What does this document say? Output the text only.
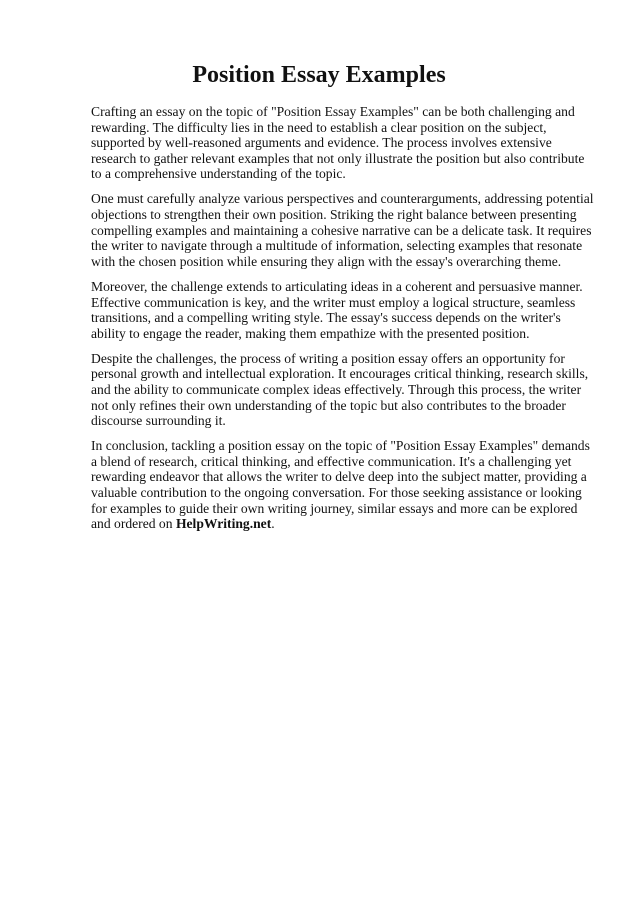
Position Essay Examples

Crafting an essay on the topic of "Position Essay Examples" can be both challenging and rewarding. The difficulty lies in the need to establish a clear position on the subject, supported by well-reasoned arguments and evidence. The process involves extensive research to gather relevant examples that not only illustrate the position but also contribute to a comprehensive understanding of the topic.

One must carefully analyze various perspectives and counterarguments, addressing potential objections to strengthen their own position. Striking the right balance between presenting compelling examples and maintaining a cohesive narrative can be a delicate task. It requires the writer to navigate through a multitude of information, selecting examples that resonate with the chosen position while ensuring they align with the essay's overarching theme.

Moreover, the challenge extends to articulating ideas in a coherent and persuasive manner. Effective communication is key, and the writer must employ a logical structure, seamless transitions, and a compelling writing style. The essay's success depends on the writer's ability to engage the reader, making them empathize with the presented position.

Despite the challenges, the process of writing a position essay offers an opportunity for personal growth and intellectual exploration. It encourages critical thinking, research skills, and the ability to communicate complex ideas effectively. Through this process, the writer not only refines their own understanding of the topic but also contributes to the broader discourse surrounding it.

In conclusion, tackling a position essay on the topic of "Position Essay Examples" demands a blend of research, critical thinking, and effective communication. It's a challenging yet rewarding endeavor that allows the writer to delve deep into the subject matter, providing a valuable contribution to the ongoing conversation. For those seeking assistance or looking for examples to guide their own writing journey, similar essays and more can be explored and ordered on HelpWriting.net.
